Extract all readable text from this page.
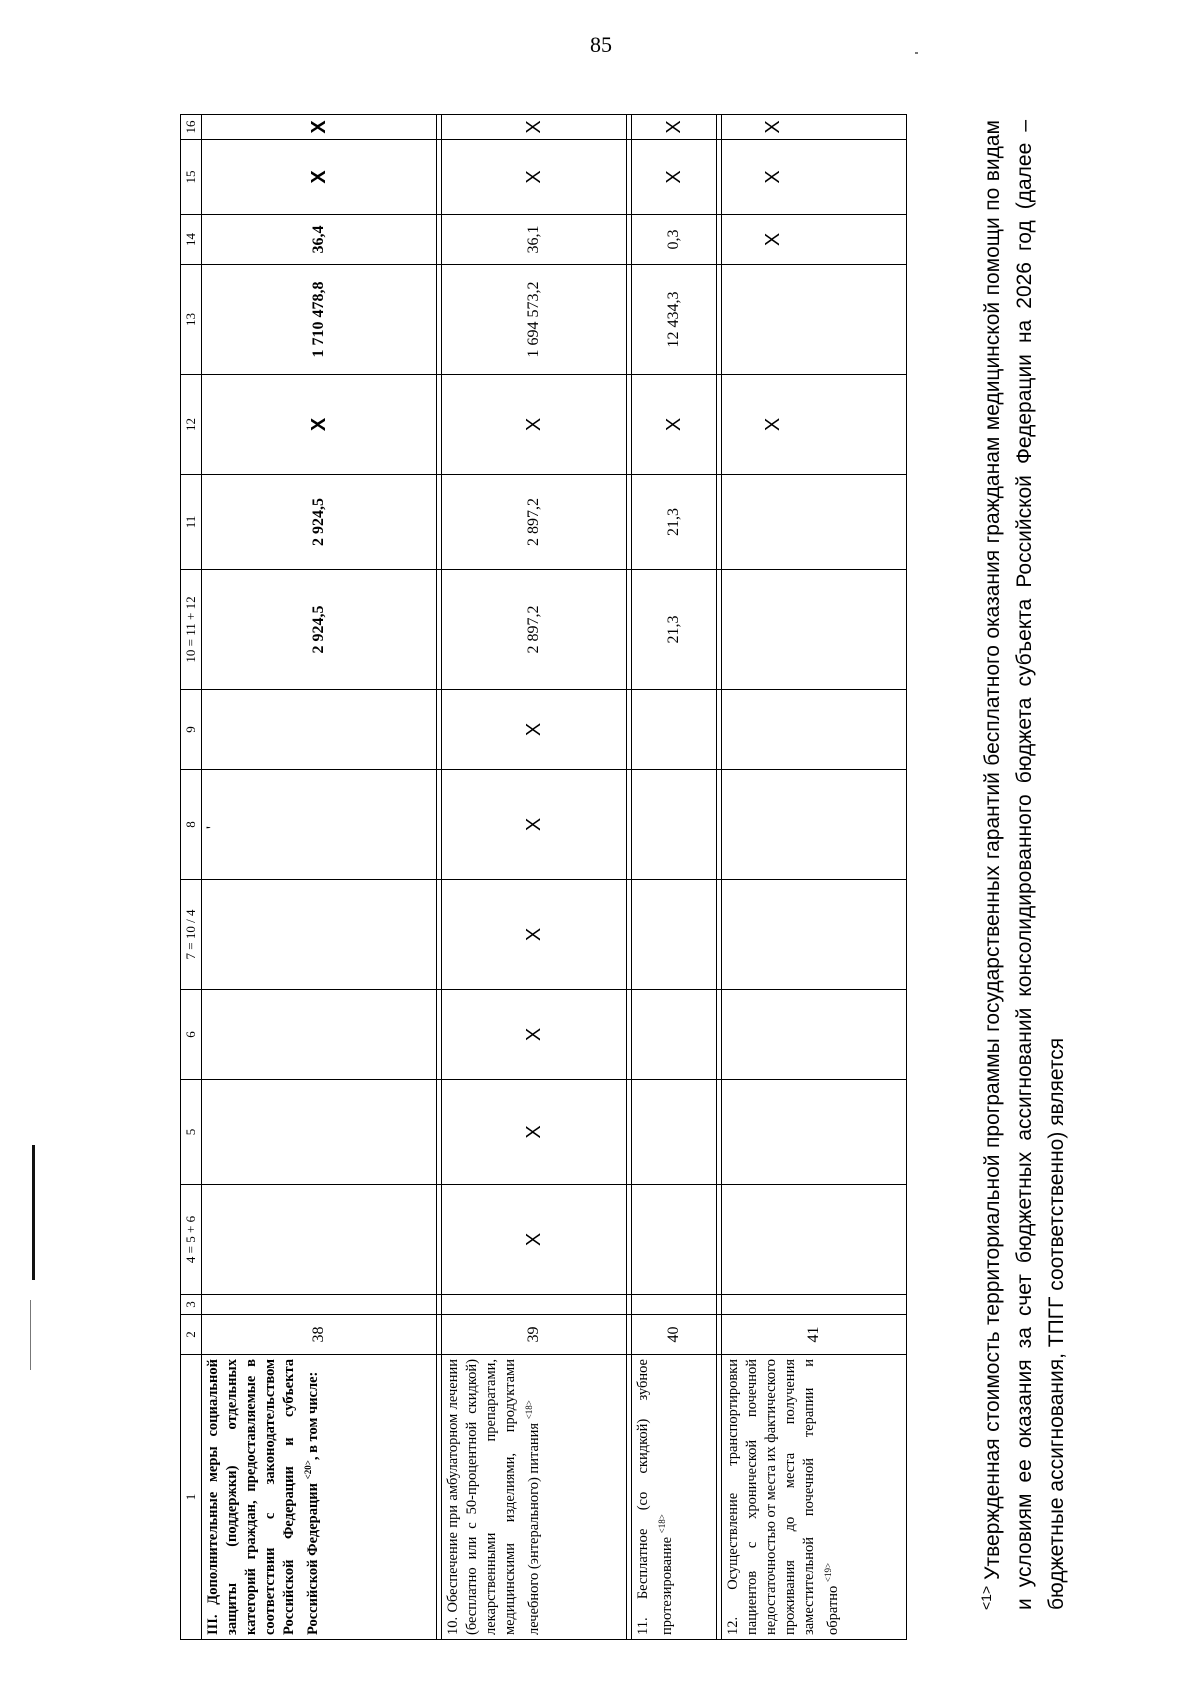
85
1	2	3	4 = 5 + 6	5	6	7 = 10 / 4	8	9	10 = 11 + 12	11	12	13	14	15	16
III. Дополнительные меры социальной защиты (поддержки) отдельных категорий граждан, предоставляемые в соответствии с законодательством Российской Федерации и субъекта Российской Федерации $^{<20>}$, в том числе:	38						'		2 924,5	2 924,5	X	1 710 478,8	36,4	X	X

10. Обеспечение при амбулаторном лечении (бесплатно или с 50-процентной скидкой) лекарственными препаратами, медицинскими изделиями, продуктами лечебного (энтерального) питания $^{<18>}$	39		X	X	X	X	X	X	2 897,2	2 897,2	X	1 694 573,2	36,1	X	X

11. Бесплатное (со скидкой) зубное протезирование $^{<18>}$	40								21,3	21,3	X	12 434,3	0,3	X	X

12. Осуществление транспортировки пациентов с хронической почечной недостаточностью от места их фактического проживания до места получения заместительной почечной терапии и обратно $^{<19>}$	41										X		X	X	X
$^{<1>}$Утвержденная стоимость территориальной программы государственных гарантий бесплатного оказания гражданам медицинской помощи по видам и условиям ее оказания за счет бюджетных ассигнований консолидированного бюджета субъекта Российской Федерации на 2026 год (далее – бюджетные ассигнования, ТПГГ соответственно) является
